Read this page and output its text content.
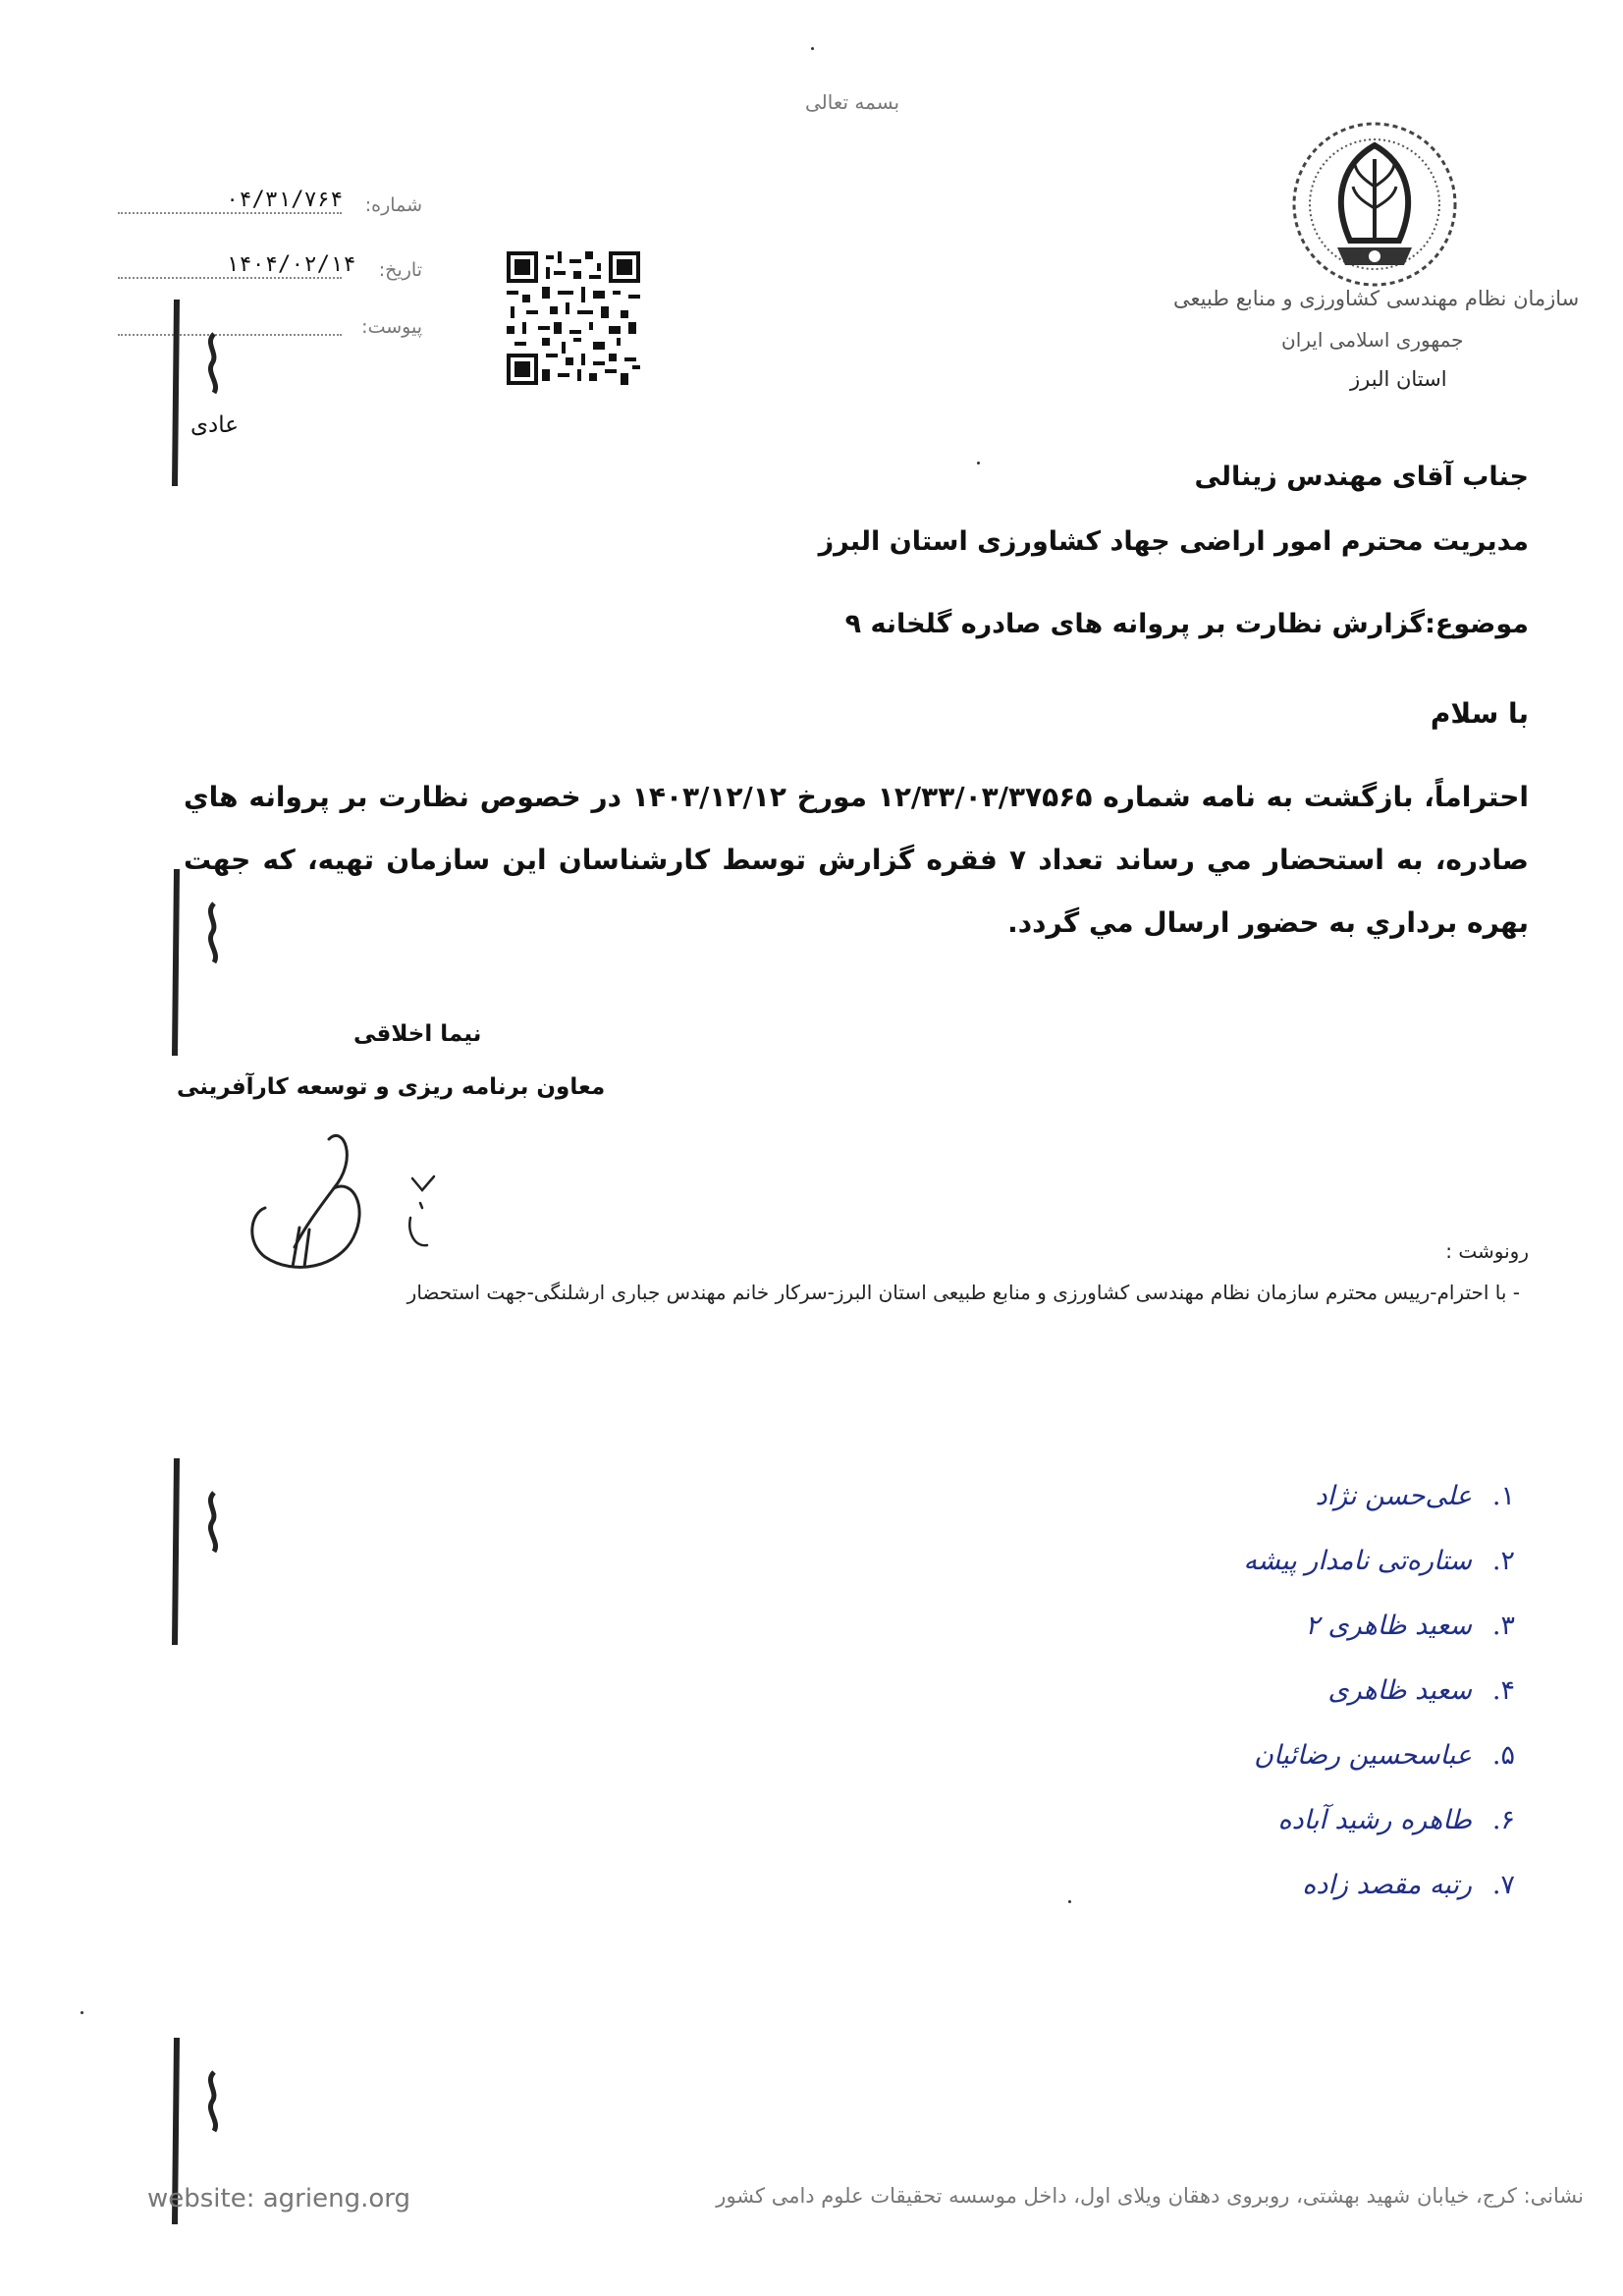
بسمه تعالی
سازمان نظام مهندسی کشاورزی و منابع طبیعی
جمهوری اسلامی ایران
استان البرز
شماره:
۰۴/۳۱/۷۶۴
تاریخ:
۱۴۰۴/۰۲/۱۴
پیوست:
عادی
جناب آقای مهندس زینالی
مدیریت محترم امور اراضی جهاد کشاورزی استان البرز
موضوع:گزارش نظارت بر پروانه های صادره گلخانه ۹
با سلام
احتراماً، بازگشت به نامه شماره ۱۲/۳۳/۰۳/۳۷۵۶۵ مورخ ۱۴۰۳/۱۲/۱۲ در خصوص نظارت بر پروانه هاي صادره، به استحضار مي رساند تعداد ۷ فقره گزارش توسط کارشناسان این سازمان تهیه، که جهت بهره برداري به حضور ارسال مي گردد.
نیما اخلاقی
معاون برنامه ریزی و توسعه کارآفرینی
رونوشت :
- با احترام-رییس محترم سازمان نظام مهندسی کشاورزی و منابع طبیعی استان البرز-سرکار خانم مهندس جباری ارشلنگی-جهت استحضار
۱.
علی‌حسن نژاد
۲.
ستاره‌تی نامدار پیشه
۳.
سعید ظاهری ۲
۴.
سعید ظاهری
۵.
عباسحسین رضائیان
۶.
طاهره رشید آباده
۷.
رتبه مقصد زاده
website: agrieng.org	نشانی: کرج، خیابان شهید بهشتی، روبروی دهقان ویلای اول، داخل موسسه تحقیقات علوم دامی کشور
